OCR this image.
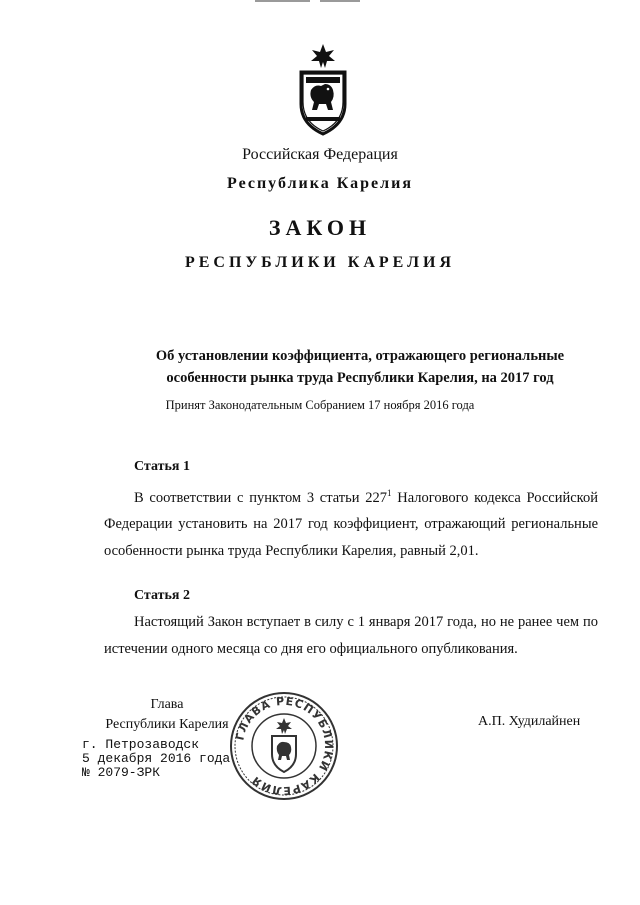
Российская Федерация
Республика Карелия
ЗАКОН
РЕСПУБЛИКИ КАРЕЛИЯ
Об установлении коэффициента, отражающего региональные
особенности рынка труда Республики Карелия, на 2017 год
Принят Законодательным Собранием 17 ноября 2016 года
Статья 1
В соответствии с пунктом 3 статьи $227^1$ Налогового кодекса Российской Федерации установить на 2017 год коэффициент, отражающий региональные особенности рынка труда Республики Карелия, равный 2,01.
Статья 2
Настоящий Закон вступает в силу с 1 января 2017 года, но не ранее чем по истечении одного месяца со дня его официального опубликования.
Глава
Республики Карелия	А.П. Худилайнен
ГЛАВА РЕСПУБЛИКИ КАРЕЛИЯ
г. Петрозаводск
5 декабря 2016 года
№ 2079-ЗРК
